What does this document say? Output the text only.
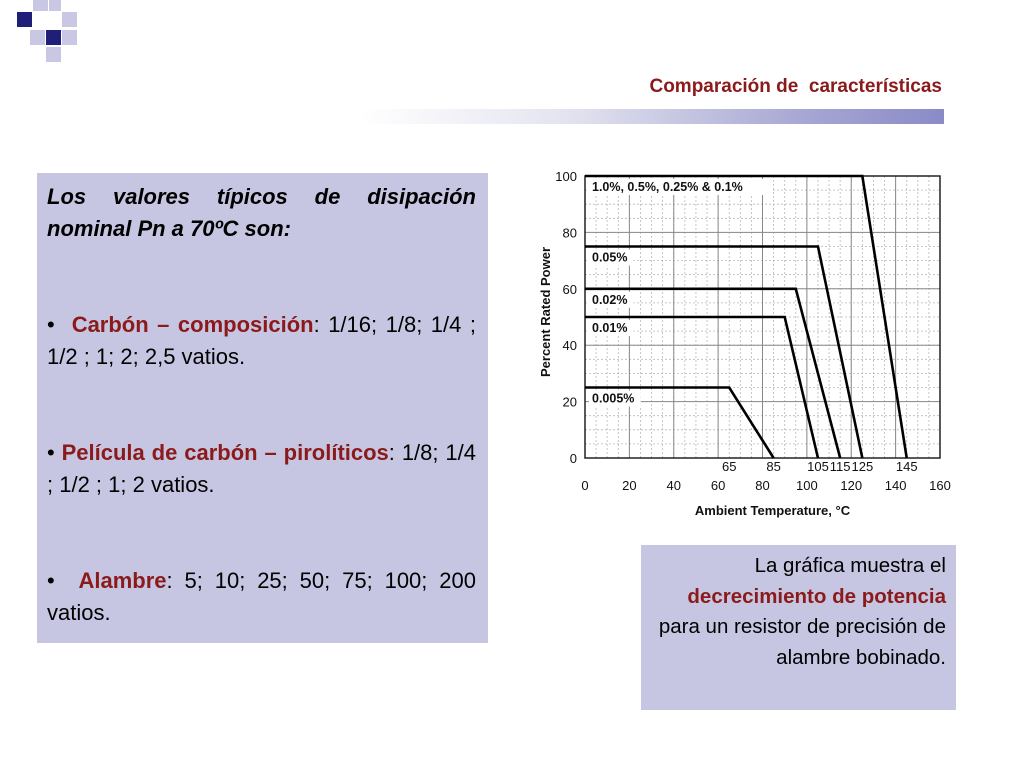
Comparación de  características

Los valores típicos de disipación nominal Pn a 70ºC son:

• Carbón – composición: 1/16; 1/8; 1/4 ; 1/2 ; 1; 2; 2,5 vatios.

• Película de carbón – pirolíticos: 1/8; 1/4 ; 1/2 ; 1; 2 vatios.

• Alambre: 5; 10; 25; 50; 75; 100; 200 vatios.

La gráfica muestra el decrecimiento de potencia para un resistor de precisión de alambre bobinado.

0
20
40
60
80
100
0	20 40 60 80 100 120 140 160
65 85 105 115 125 145
1.0%, 0.5%, 0.25% & 0.1%
0.05%
0.02%
0.01%
0.005%
Ambient Temperature, °C
Percent Rated Power
